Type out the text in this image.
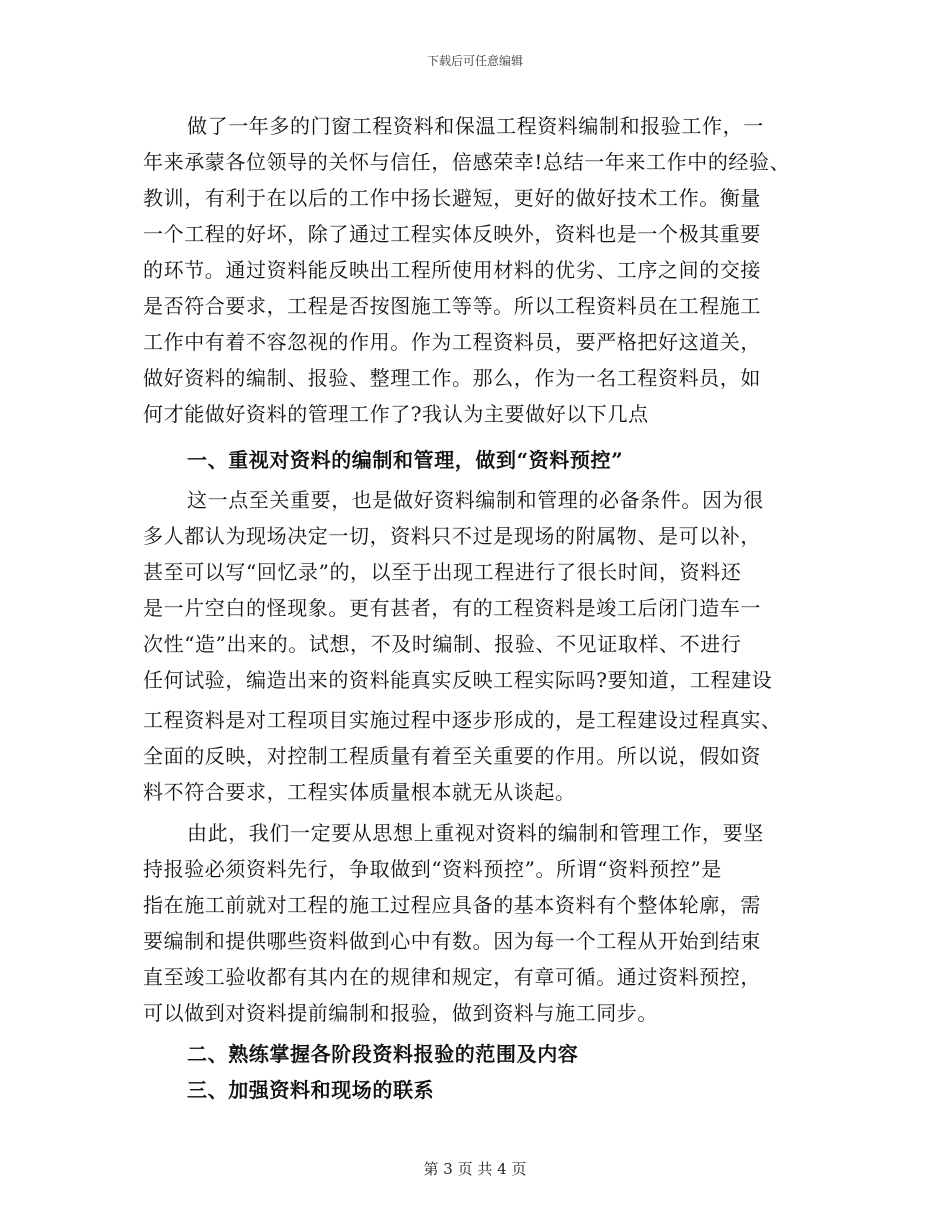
下载后可任意编辑
做了一年多的门窗工程资料和保温工程资料编制和报验工作，一
年来承蒙各位领导的关怀与信任，倍感荣幸!总结一年来工作中的经验、
教训，有利于在以后的工作中扬长避短，更好的做好技术工作。衡量
一个工程的好坏，除了通过工程实体反映外，资料也是一个极其重要
的环节。通过资料能反映出工程所使用材料的优劣、工序之间的交接
是否符合要求，工程是否按图施工等等。所以工程资料员在工程施工
工作中有着不容忽视的作用。作为工程资料员，要严格把好这道关，
做好资料的编制、报验、整理工作。那么，作为一名工程资料员，如
何才能做好资料的管理工作了?我认为主要做好以下几点
一、重视对资料的编制和管理，做到“资料预控”
这一点至关重要，也是做好资料编制和管理的必备条件。因为很
多人都认为现场决定一切，资料只不过是现场的附属物、是可以补，
甚至可以写“回忆录”的，以至于出现工程进行了很长时间，资料还
是一片空白的怪现象。更有甚者，有的工程资料是竣工后闭门造车一
次性“造”出来的。试想，不及时编制、报验、不见证取样、不进行
任何试验，编造出来的资料能真实反映工程实际吗?要知道，工程建设
工程资料是对工程项目实施过程中逐步形成的，是工程建设过程真实、
全面的反映，对控制工程质量有着至关重要的作用。所以说，假如资
料不符合要求，工程实体质量根本就无从谈起。
由此，我们一定要从思想上重视对资料的编制和管理工作，要坚
持报验必须资料先行，争取做到“资料预控”。所谓“资料预控”是
指在施工前就对工程的施工过程应具备的基本资料有个整体轮廓，需
要编制和提供哪些资料做到心中有数。因为每一个工程从开始到结束
直至竣工验收都有其内在的规律和规定，有章可循。通过资料预控，
可以做到对资料提前编制和报验，做到资料与施工同步。
二、熟练掌握各阶段资料报验的范围及内容
三、加强资料和现场的联系
第 3 页 共 4 页
